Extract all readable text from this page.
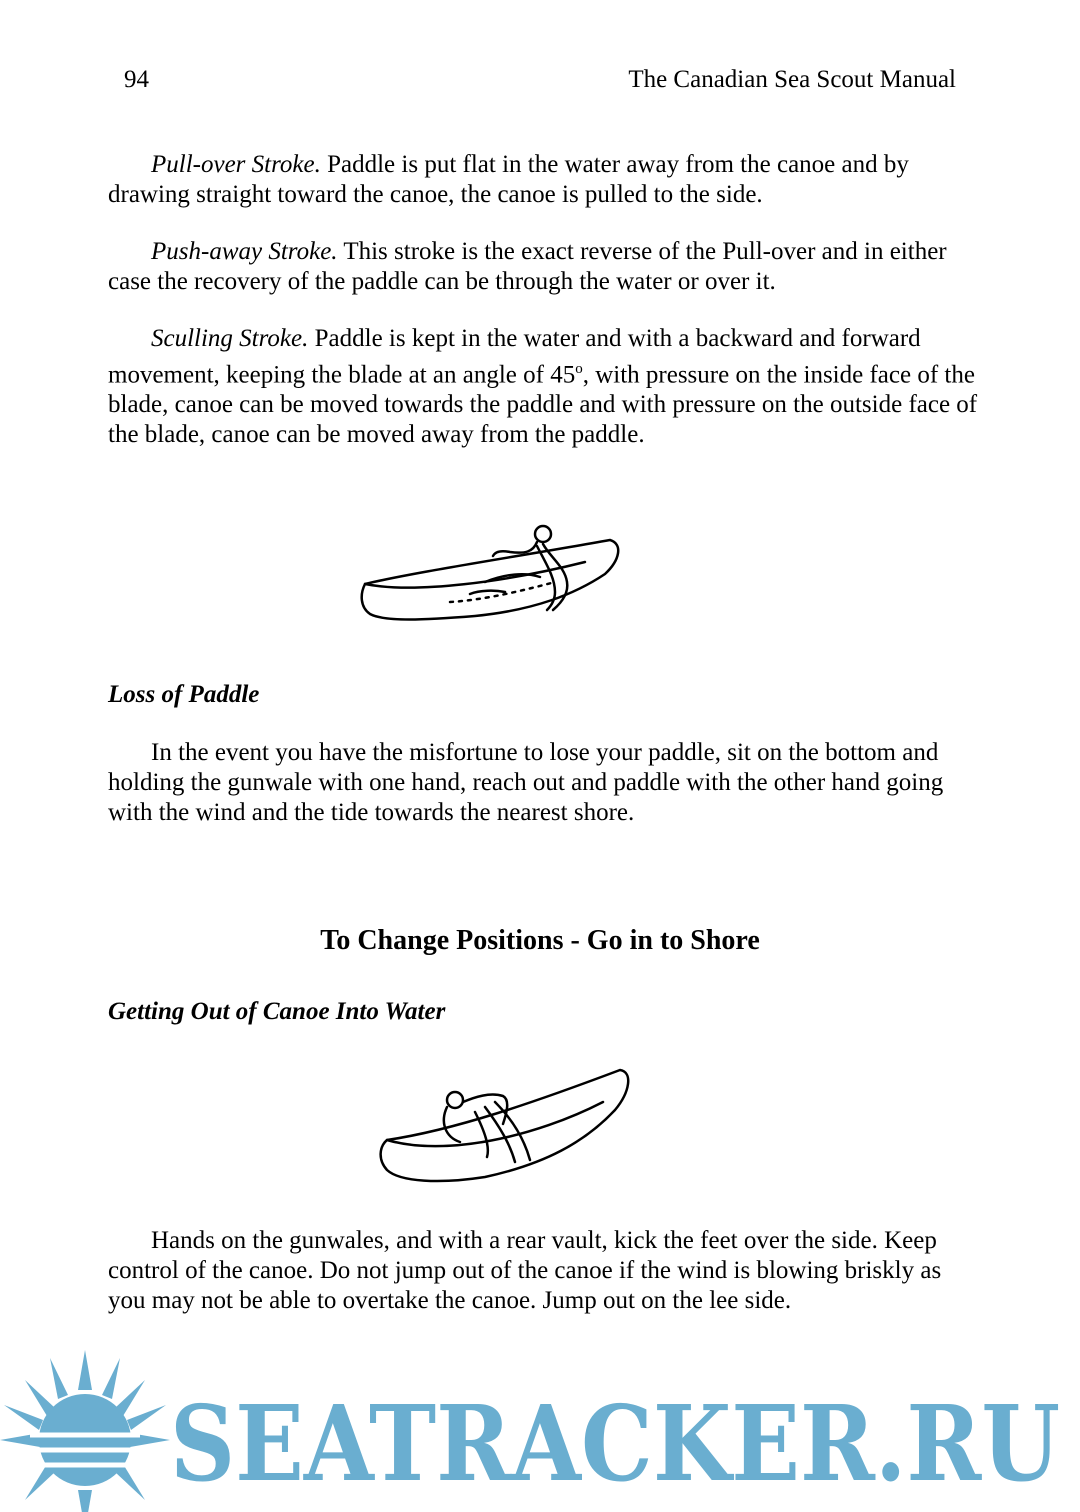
94	The Canadian Sea Scout Manual

Pull-over Stroke. Paddle is put flat in the water away from the canoe and by drawing straight toward the canoe, the canoe is pulled to the side.

Push-away Stroke. This stroke is the exact reverse of the Pull-over and in either case the recovery of the paddle can be through the water or over it.

Sculling Stroke. Paddle is kept in the water and with a backward and forward movement, keeping the blade at an angle of 45$^o$, with pressure on the inside face of the blade, canoe can be moved towards the paddle and with pressure on the outside face of the blade, canoe can be moved away from the paddle.

Loss of Paddle

In the event you have the misfortune to lose your paddle, sit on the bottom and holding the gunwale with one hand, reach out and paddle with the other hand going with the wind and the tide towards the nearest shore.

To Change Positions - Go in to Shore
Getting Out of Canoe Into Water

Hands on the gunwales, and with a rear vault, kick the feet over the side. Keep control of the canoe. Do not jump out of the canoe if the wind is blowing briskly as you may not be able to overtake the canoe. Jump out on the lee side.

SEATRACKER.RU
